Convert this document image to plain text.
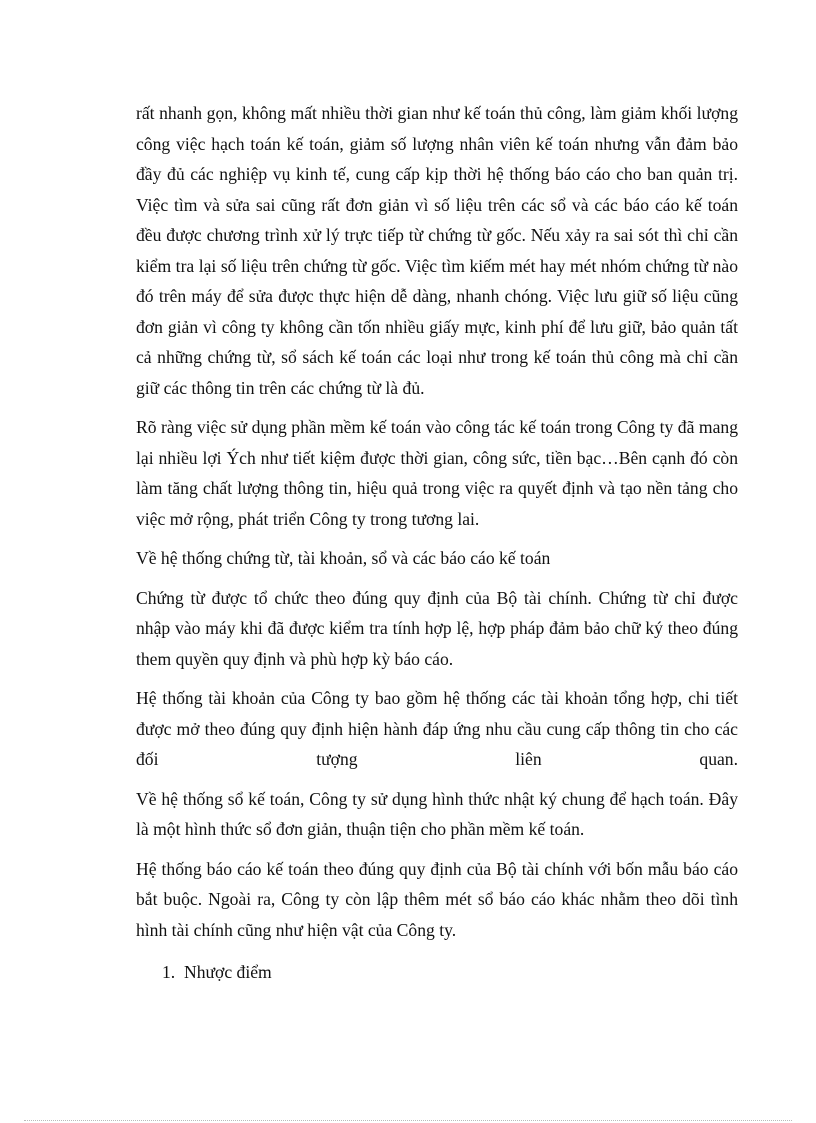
rất nhanh gọn, không mất nhiều thời gian như kế toán thủ công, làm giảm khối lượng công việc hạch toán kế toán, giảm số lượng nhân viên kế toán nhưng vẫn đảm bảo đầy đủ các nghiệp vụ kinh tế, cung cấp kịp thời hệ thống báo cáo cho ban quản trị. Việc tìm và sửa sai cũng rất đơn giản vì số liệu trên các sổ và các báo cáo kế toán đều được chương trình xử lý trực tiếp từ chứng từ gốc. Nếu xảy ra sai sót thì chỉ cần kiểm tra lại số liệu trên chứng từ gốc. Việc tìm kiếm mét hay mét nhóm chứng từ nào đó trên máy để sửa được thực hiện dễ dàng, nhanh chóng. Việc lưu giữ số liệu cũng đơn giản vì công ty không cần tốn nhiều giấy mực, kinh phí để lưu giữ, bảo quản tất cả những chứng từ, sổ sách kế toán các loại như trong kế toán thủ công mà chỉ cần giữ các thông tin trên các chứng từ là đủ.

Rõ ràng việc sử dụng phần mềm kế toán vào công tác kế toán trong Công ty đã mang lại nhiều lợi Ých như tiết kiệm được thời gian, công sức, tiền bạc…Bên cạnh đó còn làm tăng chất lượng thông tin, hiệu quả trong việc ra quyết định và tạo nền tảng cho việc mở rộng, phát triển Công ty trong tương lai.

Về hệ thống chứng từ, tài khoản, sổ và các báo cáo kế toán

Chứng từ được tổ chức theo đúng quy định của Bộ tài chính. Chứng từ chỉ được nhập vào máy khi đã được kiểm tra tính hợp lệ, hợp pháp đảm bảo chữ ký theo đúng them quyền quy định và phù hợp kỳ báo cáo.

Hệ thống tài khoản của Công ty bao gồm hệ thống các tài khoản tổng hợp, chi tiết được mở theo đúng quy định hiện hành đáp ứng nhu cầu cung cấp thông tin cho các đối tượng liên quan.

Về hệ thống sổ kế toán, Công ty sử dụng hình thức nhật ký chung để hạch toán. Đây là một hình thức sổ đơn giản, thuận tiện cho phần mềm kế toán.

Hệ thống báo cáo kế toán theo đúng quy định của Bộ tài chính với bốn mẫu báo cáo bắt buộc. Ngoài ra, Công ty còn lập thêm mét sổ báo cáo khác nhằm theo dõi tình hình tài chính cũng như hiện vật của Công ty.

1. Nhược điểm
